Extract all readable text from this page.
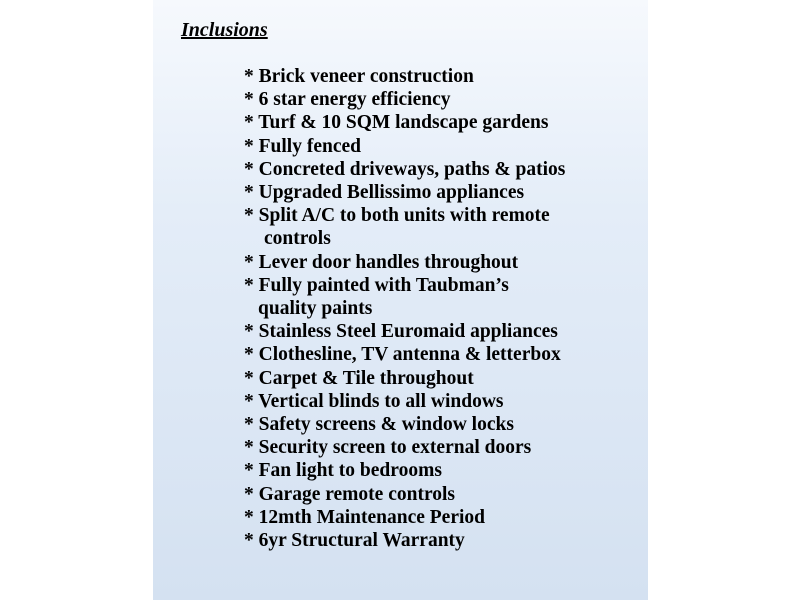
Inclusions
* Brick veneer construction
* 6 star energy efficiency
* Turf & 10 SQM landscape gardens
* Fully fenced
* Concreted driveways, paths & patios
* Upgraded Bellissimo appliances
* Split A/C to both units with remote
controls
* Lever door handles throughout
* Fully painted with Taubman’s
quality paints
* Stainless Steel Euromaid appliances
* Clothesline, TV antenna & letterbox
* Carpet & Tile throughout
* Vertical blinds to all windows
* Safety screens & window locks
* Security screen to external doors
* Fan light to bedrooms
* Garage remote controls
* 12mth Maintenance Period
* 6yr Structural Warranty
